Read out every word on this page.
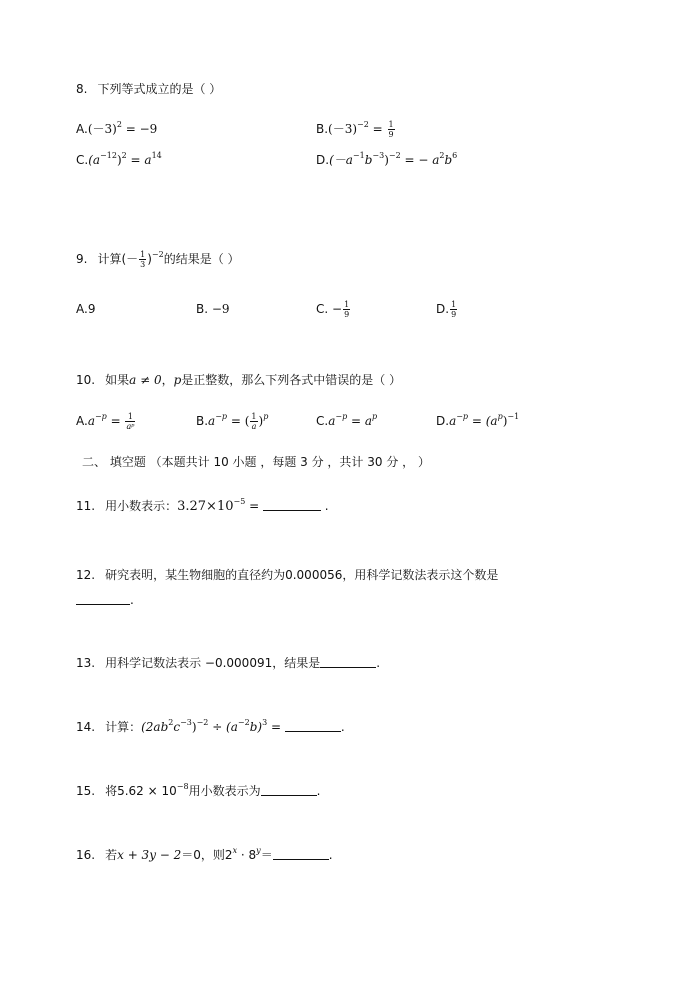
8. 下列等式成立的是（ ）
$A.(-3)^2 = -9$	$B.(-3)^{-2} = \frac{1}{9}$
$C.(a^{-12})^2 = a^{14}$	$D.(-a^{-1}b^{-3})^{-2}$ = − $a^2b^6$
9. 计算(－ $\frac{1}{3} )^{-2}$的结果是（ ）
A.9	B. −9	C. − $\frac{1}{9}$	D. $\frac{1}{9}$
10. 如果a ≠ 0，p是正整数，那么下列各式中错误的是（ ）
$A.a^{-p} = \frac{1}{\text{aᵖ}}$	$B.a^{-p}$ = ( $\frac{1}{a} )^p$	$C.a^{-p} = a^p$	$D.a^{-p} = (a^p)^{-1}$
二、 填空题 （本题共计 10 小题 ，每题 3 分 ，共计 30 分 ， ）
11. 用小数表示：$3.27\times 10^{-5}$ =	.
12. 研究表明，某生物细胞的直径约为0.000056，用科学记数法表示这个数是
.
13. 用科学记数法表示 −0.000091，结果是	.
14. 计算：$(2ab^2c^{-3})^{-2} \div (a^{-2}b)^3$ =	.
15. 将$5.62 \times 10^{-8}$用小数表示为	.
16. 若x + 3y − 2＝0，则$2^x \cdot 8^y=$	.
